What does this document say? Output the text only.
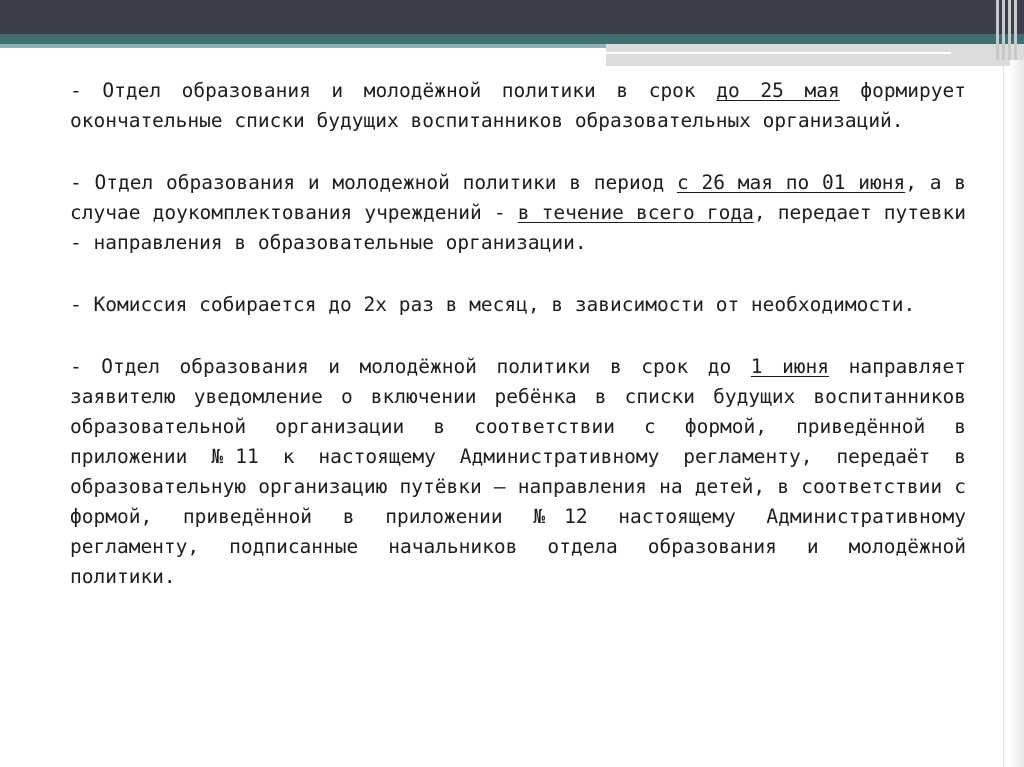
- Отдел образования и молодёжной политики в срок до 25 мая формирует окончательные списки будущих воспитанников образовательных организаций.

- Отдел образования и молодежной политики в период с 26 мая по 01 июня, а в случае доукомплектования учреждений - в течение всего года, передает путевки - направления в образовательные организации.

- Комиссия собирается до 2х раз в месяц, в зависимости от необходимости.

- Отдел образования и молодёжной политики в срок до 1 июня направляет заявителю уведомление о включении ребёнка в списки будущих воспитанников образовательной организации в соответствии с формой, приведённой в приложении №11 к настоящему Административному регламенту, передаёт в образовательную организацию путёвки – направления на детей, в соответствии с формой, приведённой в приложении №12 настоящему Административному регламенту, подписанные начальников отдела образования и молодёжной политики.
